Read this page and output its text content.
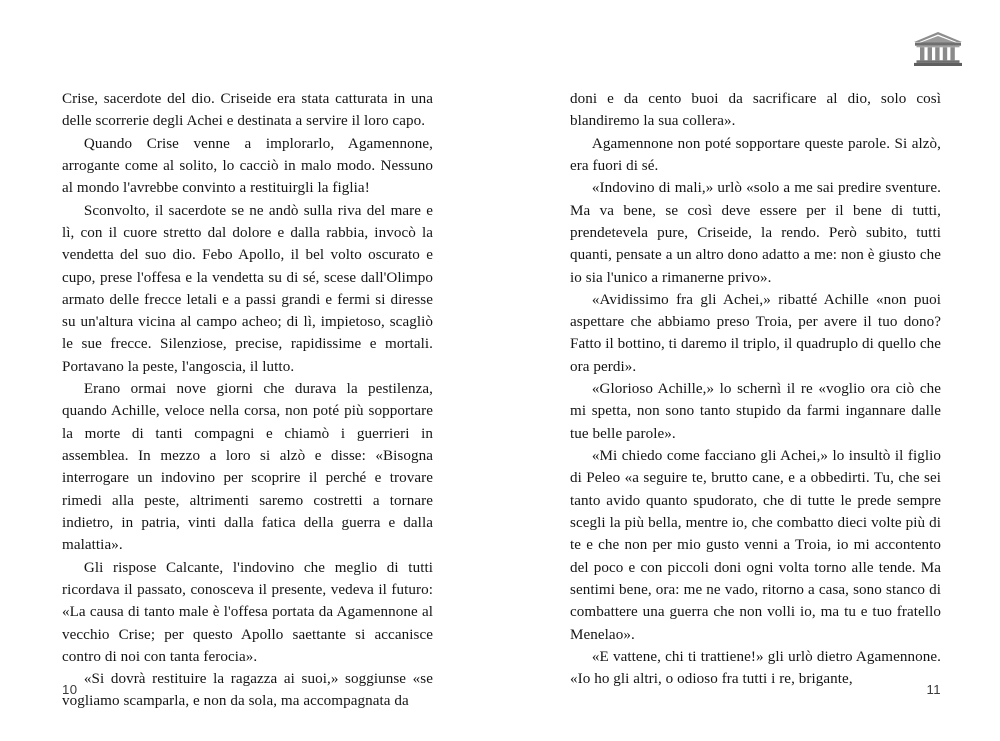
Crise, sacerdote del dio. Criseide era stata catturata in una delle scorrerie degli Achei e destinata a servire il loro capo.

Quando Crise venne a implorarlo, Agamennone, arrogante come al solito, lo cacciò in malo modo. Nessuno al mondo l'avrebbe convinto a restituirgli la figlia!

Sconvolto, il sacerdote se ne andò sulla riva del mare e lì, con il cuore stretto dal dolore e dalla rabbia, invocò la vendetta del suo dio. Febo Apollo, il bel volto oscurato e cupo, prese l'offesa e la vendetta su di sé, scese dall'Olimpo armato delle frecce letali e a passi grandi e fermi si diresse su un'altura vicina al campo acheo; di lì, impietoso, scagliò le sue frecce. Silenziose, precise, rapidissime e mortali. Portavano la peste, l'angoscia, il lutto.

Erano ormai nove giorni che durava la pestilenza, quando Achille, veloce nella corsa, non poté più sopportare la morte di tanti compagni e chiamò i guerrieri in assemblea. In mezzo a loro si alzò e disse: «Bisogna interrogare un indovino per scoprire il perché e trovare rimedi alla peste, altrimenti saremo costretti a tornare indietro, in patria, vinti dalla fatica della guerra e dalla malattia».

Gli rispose Calcante, l'indovino che meglio di tutti ricordava il passato, conosceva il presente, vedeva il futuro: «La causa di tanto male è l'offesa portata da Agamennone al vecchio Crise; per questo Apollo saettante si accanisce contro di noi con tanta ferocia».

«Si dovrà restituire la ragazza ai suoi,» soggiunse «se vogliamo scamparla, e non da sola, ma accompagnata da

10

doni e da cento buoi da sacrificare al dio, solo così blandiremo la sua collera».

Agamennone non poté sopportare queste parole. Si alzò, era fuori di sé.

«Indovino di mali,» urlò «solo a me sai predire sventure. Ma va bene, se così deve essere per il bene di tutti, prendetevela pure, Criseide, la rendo. Però subito, tutti quanti, pensate a un altro dono adatto a me: non è giusto che io sia l'unico a rimanerne privo».

«Avidissimo fra gli Achei,» ribatté Achille «non puoi aspettare che abbiamo preso Troia, per avere il tuo dono? Fatto il bottino, ti daremo il triplo, il quadruplo di quello che ora perdi».

«Glorioso Achille,» lo schernì il re «voglio ora ciò che mi spetta, non sono tanto stupido da farmi ingannare dalle tue belle parole».

«Mi chiedo come facciano gli Achei,» lo insultò il figlio di Peleo «a seguire te, brutto cane, e a obbedirti. Tu, che sei tanto avido quanto spudorato, che di tutte le prede sempre scegli la più bella, mentre io, che combatto dieci volte più di te e che non per mio gusto venni a Troia, io mi accontento del poco e con piccoli doni ogni volta torno alle tende. Ma sentimi bene, ora: me ne vado, ritorno a casa, sono stanco di combattere una guerra che non volli io, ma tu e tuo fratello Menelao».

«E vattene, chi ti trattiene!» gli urlò dietro Agamennone. «Io ho gli altri, o odioso fra tutti i re, brigante,

11
